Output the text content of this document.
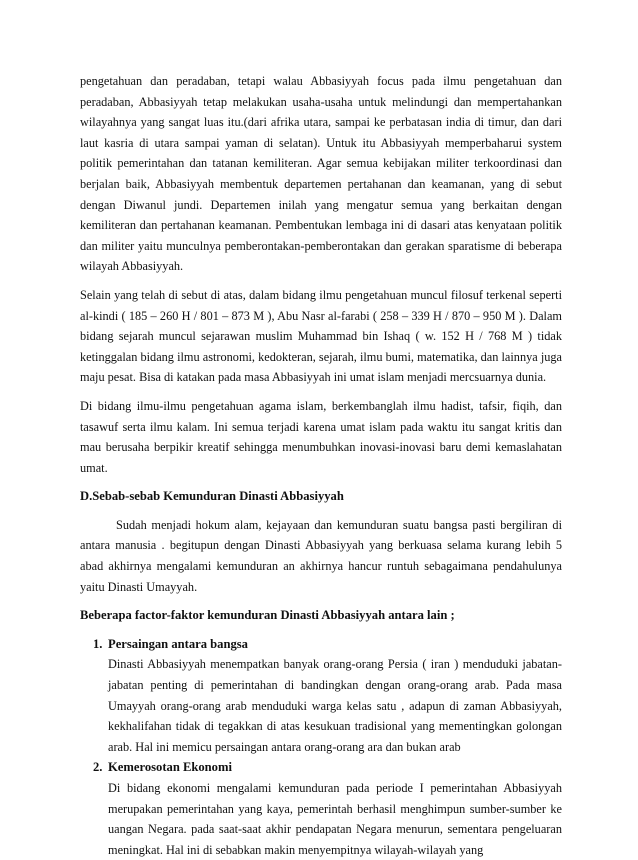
pengetahuan dan peradaban, tetapi walau Abbasiyyah focus pada ilmu pengetahuan dan peradaban, Abbasiyyah tetap melakukan usaha-usaha untuk melindungi dan mempertahankan wilayahnya yang sangat luas itu.(dari afrika utara, sampai ke perbatasan india di timur, dan dari laut kasria di utara sampai yaman di selatan). Untuk itu Abbasiyyah memperbaharui system politik pemerintahan dan tatanan kemiliteran. Agar semua kebijakan militer terkoordinasi dan berjalan baik, Abbasiyyah membentuk departemen pertahanan dan keamanan, yang di sebut dengan Diwanul jundi. Departemen inilah yang mengatur semua yang berkaitan dengan kemiliteran dan pertahanan keamanan. Pembentukan lembaga ini di dasari atas kenyataan politik dan militer yaitu munculnya pemberontakan-pemberontakan dan gerakan sparatisme di beberapa wilayah Abbasiyyah.

Selain yang telah di sebut di atas, dalam bidang ilmu pengetahuan muncul filosuf terkenal seperti al-kindi ( 185 – 260 H / 801 – 873 M ), Abu Nasr al-farabi ( 258 – 339 H / 870 – 950 M ). Dalam bidang sejarah muncul sejarawan muslim Muhammad bin Ishaq ( w. 152 H / 768 M ) tidak ketinggalan bidang ilmu astronomi, kedokteran, sejarah, ilmu bumi, matematika, dan lainnya juga maju pesat. Bisa di katakan pada masa Abbasiyyah ini umat islam menjadi mercsuarnya dunia.

Di bidang ilmu-ilmu pengetahuan agama islam, berkembanglah ilmu hadist, tafsir, fiqih, dan tasawuf serta ilmu kalam. Ini semua terjadi karena umat islam pada waktu itu sangat kritis dan mau berusaha berpikir kreatif sehingga menumbuhkan inovasi-inovasi baru demi kemaslahatan umat.

D.Sebab-sebab Kemunduran Dinasti Abbasiyyah

Sudah menjadi hokum alam, kejayaan dan kemunduran suatu bangsa pasti bergiliran di antara manusia . begitupun dengan Dinasti Abbasiyyah yang berkuasa selama kurang lebih 5 abad akhirnya mengalami kemunduran an akhirnya hancur runtuh sebagaimana pendahulunya yaitu Dinasti Umayyah.

Beberapa factor-faktor kemunduran Dinasti Abbasiyyah antara lain ;

1. Persaingan antara bangsa

Dinasti Abbasiyyah menempatkan banyak orang-orang Persia ( iran ) menduduki jabatan-jabatan penting di pemerintahan di bandingkan dengan orang-orang arab. Pada masa Umayyah orang-orang arab menduduki warga kelas satu , adapun di zaman Abbasiyyah, kekhalifahan tidak di tegakkan di atas kesukuan tradisional yang mementingkan golongan arab. Hal ini memicu persaingan antara orang-orang ara dan bukan arab

2. Kemerosotan Ekonomi

Di bidang ekonomi mengalami kemunduran pada periode I pemerintahan Abbasiyyah merupakan pemerintahan yang kaya, pemerintah berhasil menghimpun sumber-sumber ke uangan Negara. pada saat-saat akhir pendapatan Negara menurun, sementara pengeluaran meningkat. Hal ini di sebabkan makin menyempitnya wilayah-wilayah yang
